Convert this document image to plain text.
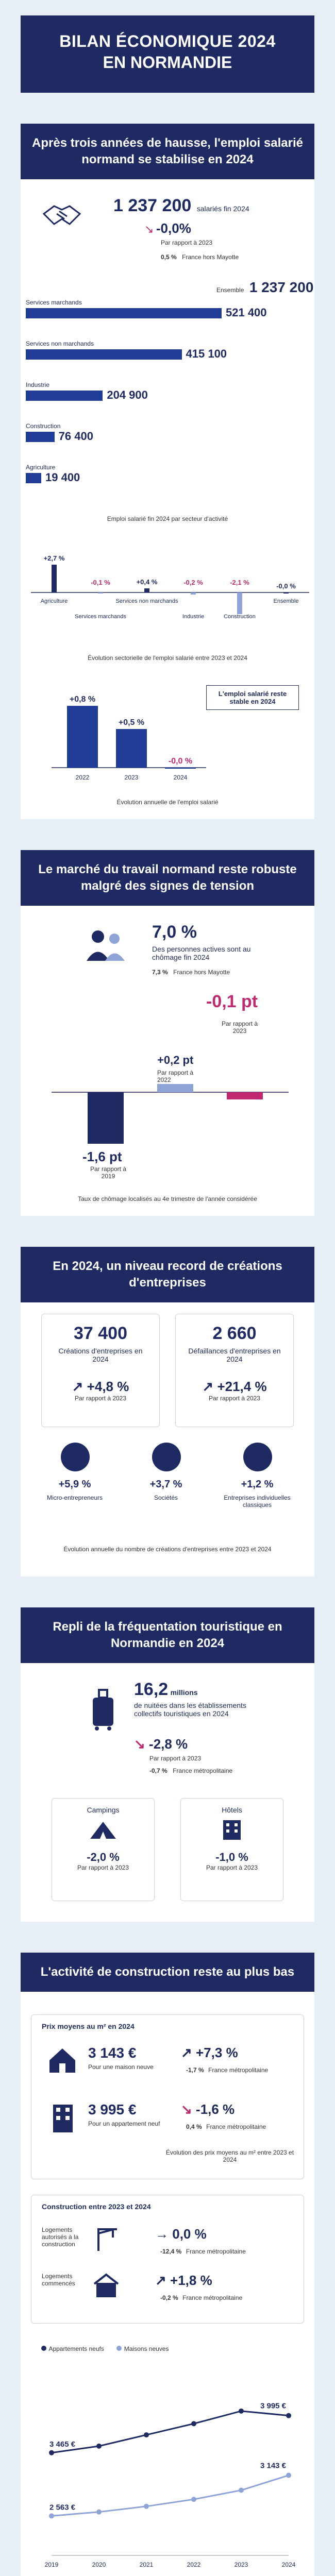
BILAN ÉCONOMIQUE 2024
EN NORMANDIE
Après trois années de hausse, l'emploi salarié normand se stabilise en 2024
1 237 200 salariés fin 2024
↘ -0,0%
Par rapport à 2023
0,5 % France hors Mayotte
Ensemble 1 237 200
Services marchands
521 400
Services non marchands
415 100
Industrie
204 900
Construction
76 400
Agriculture
19 400
Emploi salarié fin 2024 par secteur d'activité
+2,7 %
Agriculture
-0,1 %
Services marchands
+0,4 %
Services non marchands
-0,2 %
Industrie
-2,1 %
Construction
-0,0 %
Ensemble
Évolution sectorielle de l'emploi salarié entre 2023 et 2024
+0,8 %
2022
+0,5 %
2023
-0,0 %
2024
L'emploi salarié reste stable en 2024
Évolution annuelle de l'emploi salarié
Le marché du travail normand reste robuste malgré des signes de tension
7,0 %
Des personnes actives sont au chômage fin 2024
7,3 % France hors Mayotte
-0,1 pt
Par rapport à 2023
-1,6 pt
Par rapport à 2019
+0,2 pt
Par rapport à 2022
Taux de chômage localisés au 4e trimestre de l'année considérée
En 2024, un niveau record de créations d'entreprises
37 400
Créations d'entreprises en 2024
↗ +4,8 %
Par rapport à 2023
2 660
Défaillances d'entreprises en 2024
↗ +21,4 %
Par rapport à 2023
+5,9 %
Micro-entrepreneurs
+3,7 %
Sociétés
+1,2 %
Entreprises individuelles classiques
Évolution annuelle du nombre de créations d'entreprises entre 2023 et 2024
Repli de la fréquentation touristique en Normandie en 2024
16,2 millions
de nuitées dans les établissements collectifs touristiques en 2024
↘ -2,8 %
Par rapport à 2023
-0,7 % France métropolitaine
Campings
-2,0 %
Par rapport à 2023
Hôtels
-1,0 %
Par rapport à 2023
L'activité de construction reste au plus bas
Prix moyens au m² en 2024
3 143 €
Pour une maison neuve
↗ +7,3 %
-1,7 % France métropolitaine
3 995 €
Pour un appartement neuf
↘ -1,6 %
0,4 % France métropolitaine
Évolution des prix moyens au m² entre 2023 et 2024
Construction entre 2023 et 2024
Logements autorisés à la construction
→ 0,0 %
-12,4 % France métropolitaine
Logements commencés	↗ +1,8 %
-0,2 % France métropolitaine
Appartements neufs	Maisons neuves
2019	2020	2021	2022	2023	2024
3 465 €
3 995 €
2 563 €
3 143 €
